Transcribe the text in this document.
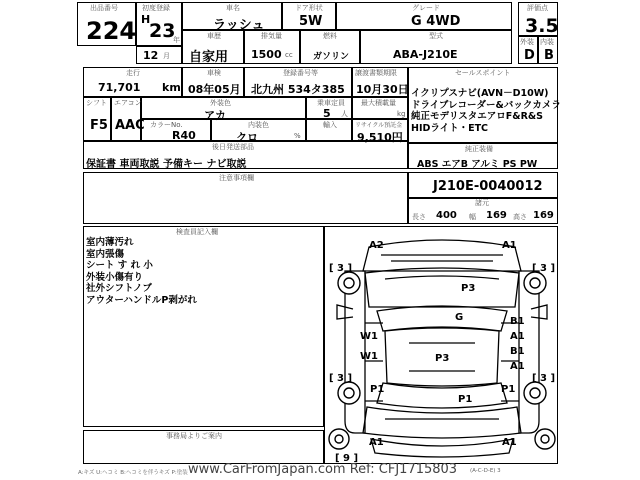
出品番号
224
初度登録
H
23
年
車名
ラッシュ
ドア形状
5W
グレード
G 4WD
評価点
3.5
12 月
車歴
自家用
排気量
1500 cc
燃料
ガソリン
型式
ABA-J210E
外装
D
内装
B
走行
71,701 km
車検
08年05月
登録番号等
北九州 534タ385
譲渡書類期限
10月30日
シフト
F5
エアコン
AAC
外装色
アカ
乗車定員
5 人
最大積載量
kg
カラーNo.
R40
内装色
クロ	%
輸入	リサイクル預託金
9,510円
後日発送部品
保証書 車両取説 予備キー ナビ取説
セールスポイント
イクリプスナビ(AVN－D10W)
ドライブレコーダー&バックカメラ
純正モデリスタエアロF&R&S
HIDライト・ETC
純正装備
ABS エアB アルミ PS PW
注意事項欄
J210E-0040012
諸元
長さ 400 幅 169 高さ 169
検査員記入欄
室内薄汚れ
室内張傷
シート す れ 小
外装小傷有り
社外シフトノブ
アウターハンドルP剥がれ
事務局よりご案内
A2	A1
P3
G
W1
B1
A1
W1	B1
A1
P3
P1	P1
P1
A1	A1
[ 3 ]	[ 3 ]
[ 3 ]	[ 3 ]
[ 9 ]
www.CarFromJapan.com Ref: CFJ1715803
A:キズ U:ヘコミ B:ヘコミを伴うキズ P:塗装	(A-C-D-E) 3
